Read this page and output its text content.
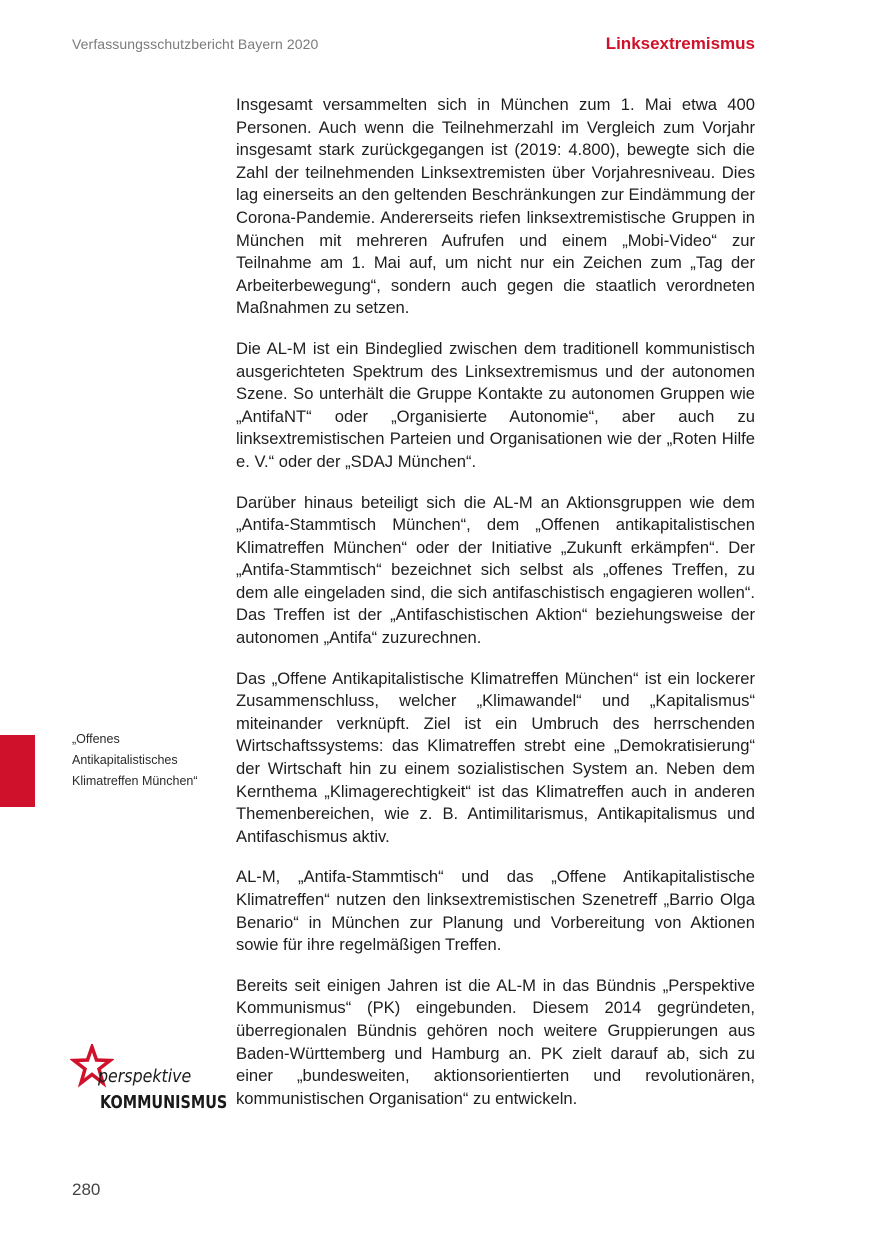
Verfassungsschutzbericht Bayern 2020	Linksextremismus
„Offenes Antikapitalistisches Klimatreffen München“

Insgesamt versammelten sich in München zum 1. Mai etwa 400 Personen. Auch wenn die Teilnehmerzahl im Vergleich zum Vorjahr insgesamt stark zurückgegangen ist (2019: 4.800), bewegte sich die Zahl der teilnehmenden Linksextremisten über Vorjahresniveau. Dies lag einerseits an den geltenden Beschränkungen zur Eindämmung der Corona-Pandemie. Andererseits riefen linksextremistische Gruppen in München mit mehreren Aufrufen und einem „Mobi-Video“ zur Teilnahme am 1. Mai auf, um nicht nur ein Zeichen zum „Tag der Arbeiterbewegung“, sondern auch gegen die staatlich verordneten Maßnahmen zu setzen.

Die AL-M ist ein Bindeglied zwischen dem traditionell kommunistisch ausgerichteten Spektrum des Linksextremismus und der autonomen Szene. So unterhält die Gruppe Kontakte zu autonomen Gruppen wie „AntifaNT“ oder „Organisierte Autonomie“, aber auch zu linksextremistischen Parteien und Organisationen wie der „Roten Hilfe e. V.“ oder der „SDAJ München“.

Darüber hinaus beteiligt sich die AL-M an Aktionsgruppen wie dem „Antifa-Stammtisch München“, dem „Offenen antikapitalistischen Klimatreffen München“ oder der Initiative „Zukunft erkämpfen“. Der „Antifa-Stammtisch“ bezeichnet sich selbst als „offenes Treffen, zu dem alle eingeladen sind, die sich antifaschistisch engagieren wollen“. Das Treffen ist der „Antifaschistischen Aktion“ beziehungsweise der autonomen „Antifa“ zuzurechnen.

Das „Offene Antikapitalistische Klimatreffen München“ ist ein lockerer Zusammenschluss, welcher „Klimawandel“ und „Kapitalismus“ miteinander verknüpft. Ziel ist ein Umbruch des herrschenden Wirtschaftssystems: das Klimatreffen strebt eine „Demokratisierung“ der Wirtschaft hin zu einem sozialistischen System an. Neben dem Kernthema „Klimagerechtigkeit“ ist das Klimatreffen auch in anderen Themenbereichen, wie z. B. Antimilitarismus, Antikapitalismus und Antifaschismus aktiv.

AL-M, „Antifa-Stammtisch“ und das „Offene Antikapitalistische Klimatreffen“ nutzen den linksextremistischen Szenetreff „Barrio Olga Benario“ in München zur Planung und Vorbereitung von Aktionen sowie für ihre regelmäßigen Treffen.

Bereits seit einigen Jahren ist die AL-M in das Bündnis „Perspektive Kommunismus“ (PK) eingebunden. Diesem 2014 gegründeten, überregionalen Bündnis gehören noch weitere Gruppierungen aus Baden-Württemberg und Hamburg an. PK zielt darauf ab, sich zu einer „bundesweiten, aktionsorientierten und revolutionären, kommunistischen Organisation“ zu entwickeln.

perspektive
KOMMUNISMUS
280
